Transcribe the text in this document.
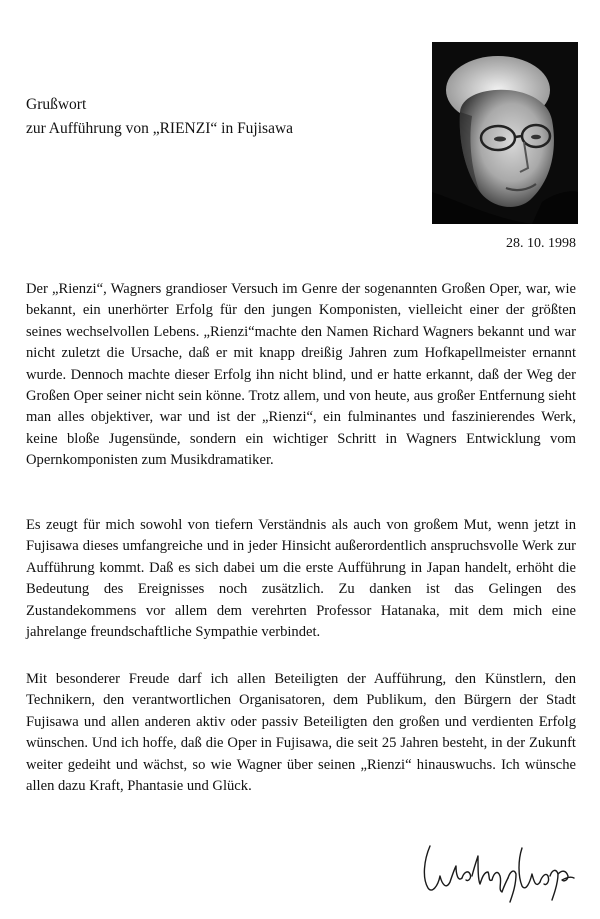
Grußwort
zur Aufführung von „RIENZI“ in Fujisawa
28. 10. 1998

Der „Rienzi“, Wagners grandioser Versuch im Genre der sogenannten Großen Oper, war, wie bekannt, ein unerhörter Erfolg für den jungen Komponisten, vielleicht einer der größten seines wechselvollen Lebens. „Rienzi“machte den Namen Richard Wagners bekannt und war nicht zuletzt die Ursache, daß er mit knapp dreißig Jahren zum Hofkapellmeister ernannt wurde. Dennoch machte dieser Erfolg ihn nicht blind, und er hatte erkannt, daß der Weg der Großen Oper seiner nicht sein könne. Trotz allem, und von heute, aus großer Entfernung sieht man alles objektiver, war und ist der „Rienzi“, ein fulminantes und faszinierendes Werk, keine bloße Jugensünde, sondern ein wichtiger Schritt in Wagners Entwicklung vom Opernkomponisten zum Musikdramatiker.

Es zeugt für mich sowohl von tiefern Verständnis als auch von großem Mut, wenn jetzt in Fujisawa dieses umfangreiche und in jeder Hinsicht außerordentlich anspruchsvolle Werk zur Aufführung kommt. Daß es sich dabei um die erste Aufführung in Japan handelt, erhöht die Bedeutung des Ereignisses noch zusätzlich. Zu danken ist das Gelingen des Zustandekommens vor allem dem verehrten Professor Hatanaka, mit dem mich eine jahrelange freundschaftliche Sympathie verbindet.

Mit besonderer Freude darf ich allen Beteiligten der Aufführung, den Künstlern, den Technikern, den verantwortlichen Organisatoren, dem Publikum, den Bürgern der Stadt Fujisawa und allen anderen aktiv oder passiv Beteiligten den großen und verdienten Erfolg wünschen. Und ich hoffe, daß die Oper in Fujisawa, die seit 25 Jahren besteht, in der Zukunft weiter gedeiht und wächst, so wie Wagner über seinen „Rienzi“ hinauswuchs. Ich wünsche allen dazu Kraft, Phantasie und Glück.
